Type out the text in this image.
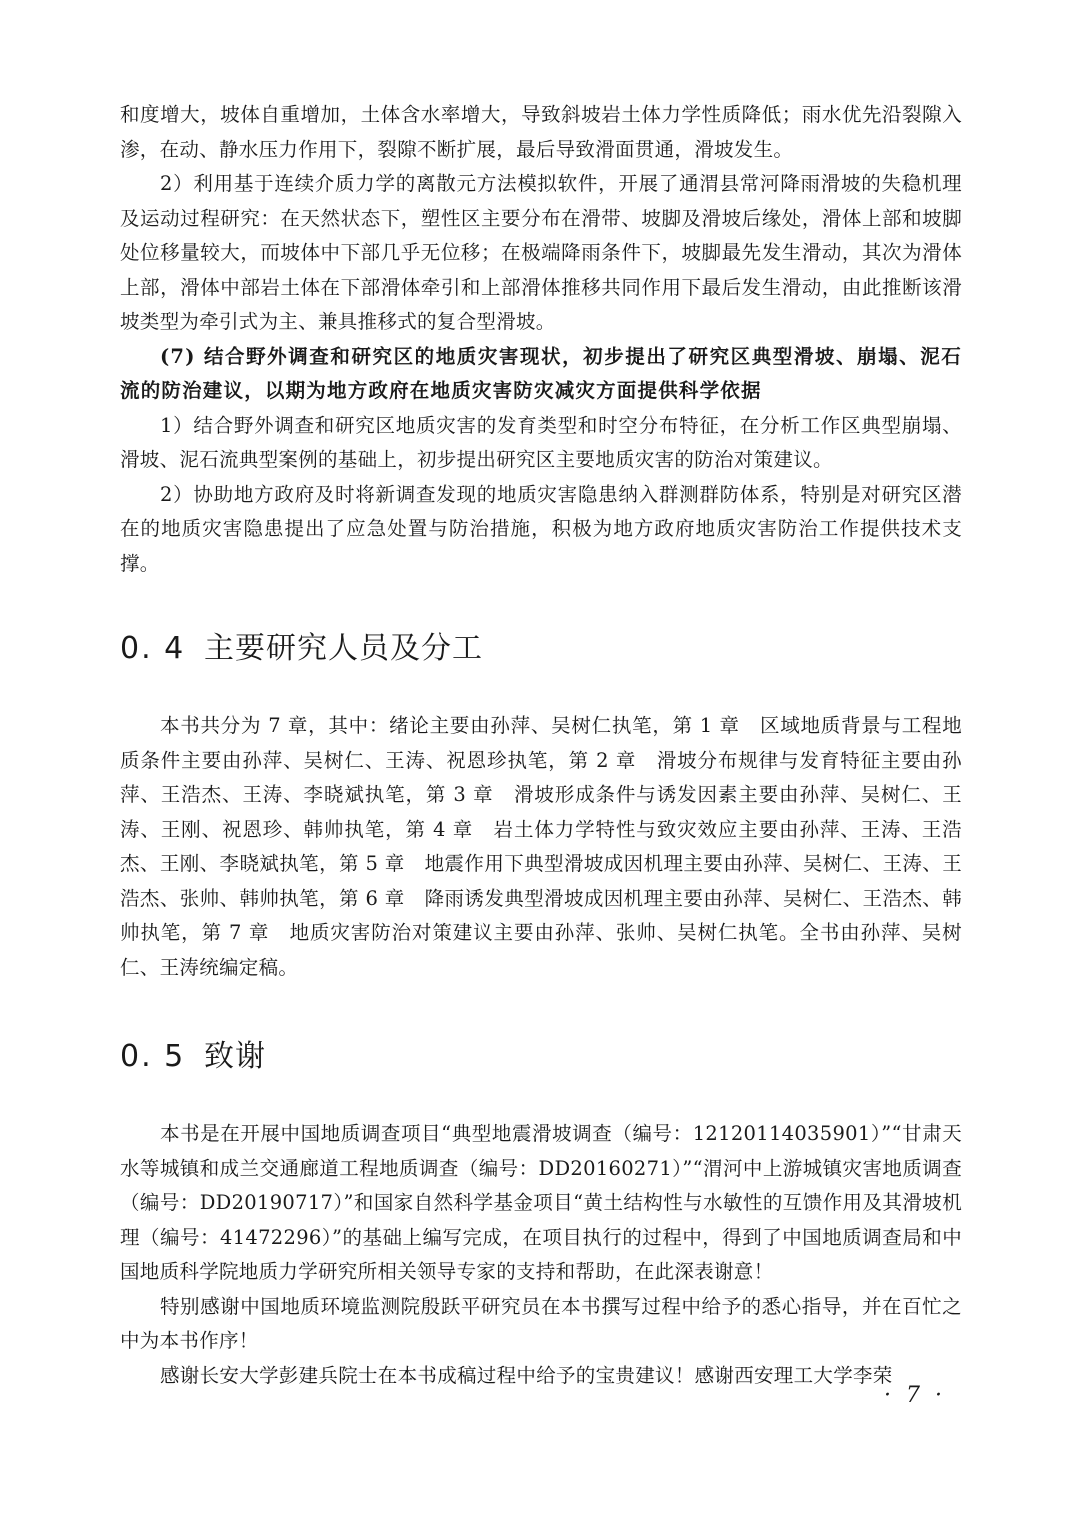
和度增大，坡体自重增加，土体含水率增大，导致斜坡岩土体力学性质降低；雨水优先沿裂隙入渗，在动、静水压力作用下，裂隙不断扩展，最后导致滑面贯通，滑坡发生。

2）利用基于连续介质力学的离散元方法模拟软件，开展了通渭县常河降雨滑坡的失稳机理及运动过程研究：在天然状态下，塑性区主要分布在滑带、坡脚及滑坡后缘处，滑体上部和坡脚处位移量较大，而坡体中下部几乎无位移；在极端降雨条件下，坡脚最先发生滑动，其次为滑体上部，滑体中部岩土体在下部滑体牵引和上部滑体推移共同作用下最后发生滑动，由此推断该滑坡类型为牵引式为主、兼具推移式的复合型滑坡。

(7) 结合野外调查和研究区的地质灾害现状，初步提出了研究区典型滑坡、崩塌、泥石流的防治建议，以期为地方政府在地质灾害防灾减灾方面提供科学依据

1）结合野外调查和研究区地质灾害的发育类型和时空分布特征，在分析工作区典型崩塌、滑坡、泥石流典型案例的基础上，初步提出研究区主要地质灾害的防治对策建议。

2）协助地方政府及时将新调查发现的地质灾害隐患纳入群测群防体系，特别是对研究区潜在的地质灾害隐患提出了应急处置与防治措施，积极为地方政府地质灾害防治工作提供技术支撑。

0. 4 主要研究人员及分工

本书共分为 7 章，其中：绪论主要由孙萍、吴树仁执笔，第 1 章　区域地质背景与工程地质条件主要由孙萍、吴树仁、王涛、祝恩珍执笔，第 2 章　滑坡分布规律与发育特征主要由孙萍、王浩杰、王涛、李晓斌执笔，第 3 章　滑坡形成条件与诱发因素主要由孙萍、吴树仁、王涛、王刚、祝恩珍、韩帅执笔，第 4 章　岩土体力学特性与致灾效应主要由孙萍、王涛、王浩杰、王刚、李晓斌执笔，第 5 章　地震作用下典型滑坡成因机理主要由孙萍、吴树仁、王涛、王浩杰、张帅、韩帅执笔，第 6 章　降雨诱发典型滑坡成因机理主要由孙萍、吴树仁、王浩杰、韩帅执笔，第 7 章　地质灾害防治对策建议主要由孙萍、张帅、吴树仁执笔。全书由孙萍、吴树仁、王涛统编定稿。

0. 5 致谢

本书是在开展中国地质调查项目“典型地震滑坡调查（编号：12120114035901）”“甘肃天水等城镇和成兰交通廊道工程地质调查（编号：DD20160271）”“渭河中上游城镇灾害地质调查（编号：DD20190717）”和国家自然科学基金项目“黄土结构性与水敏性的互馈作用及其滑坡机理（编号：41472296）”的基础上编写完成，在项目执行的过程中，得到了中国地质调查局和中国地质科学院地质力学研究所相关领导专家的支持和帮助，在此深表谢意！

特别感谢中国地质环境监测院殷跃平研究员在本书撰写过程中给予的悉心指导，并在百忙之中为本书作序！

感谢长安大学彭建兵院士在本书成稿过程中给予的宝贵建议！感谢西安理工大学李荣

· 7 ·
